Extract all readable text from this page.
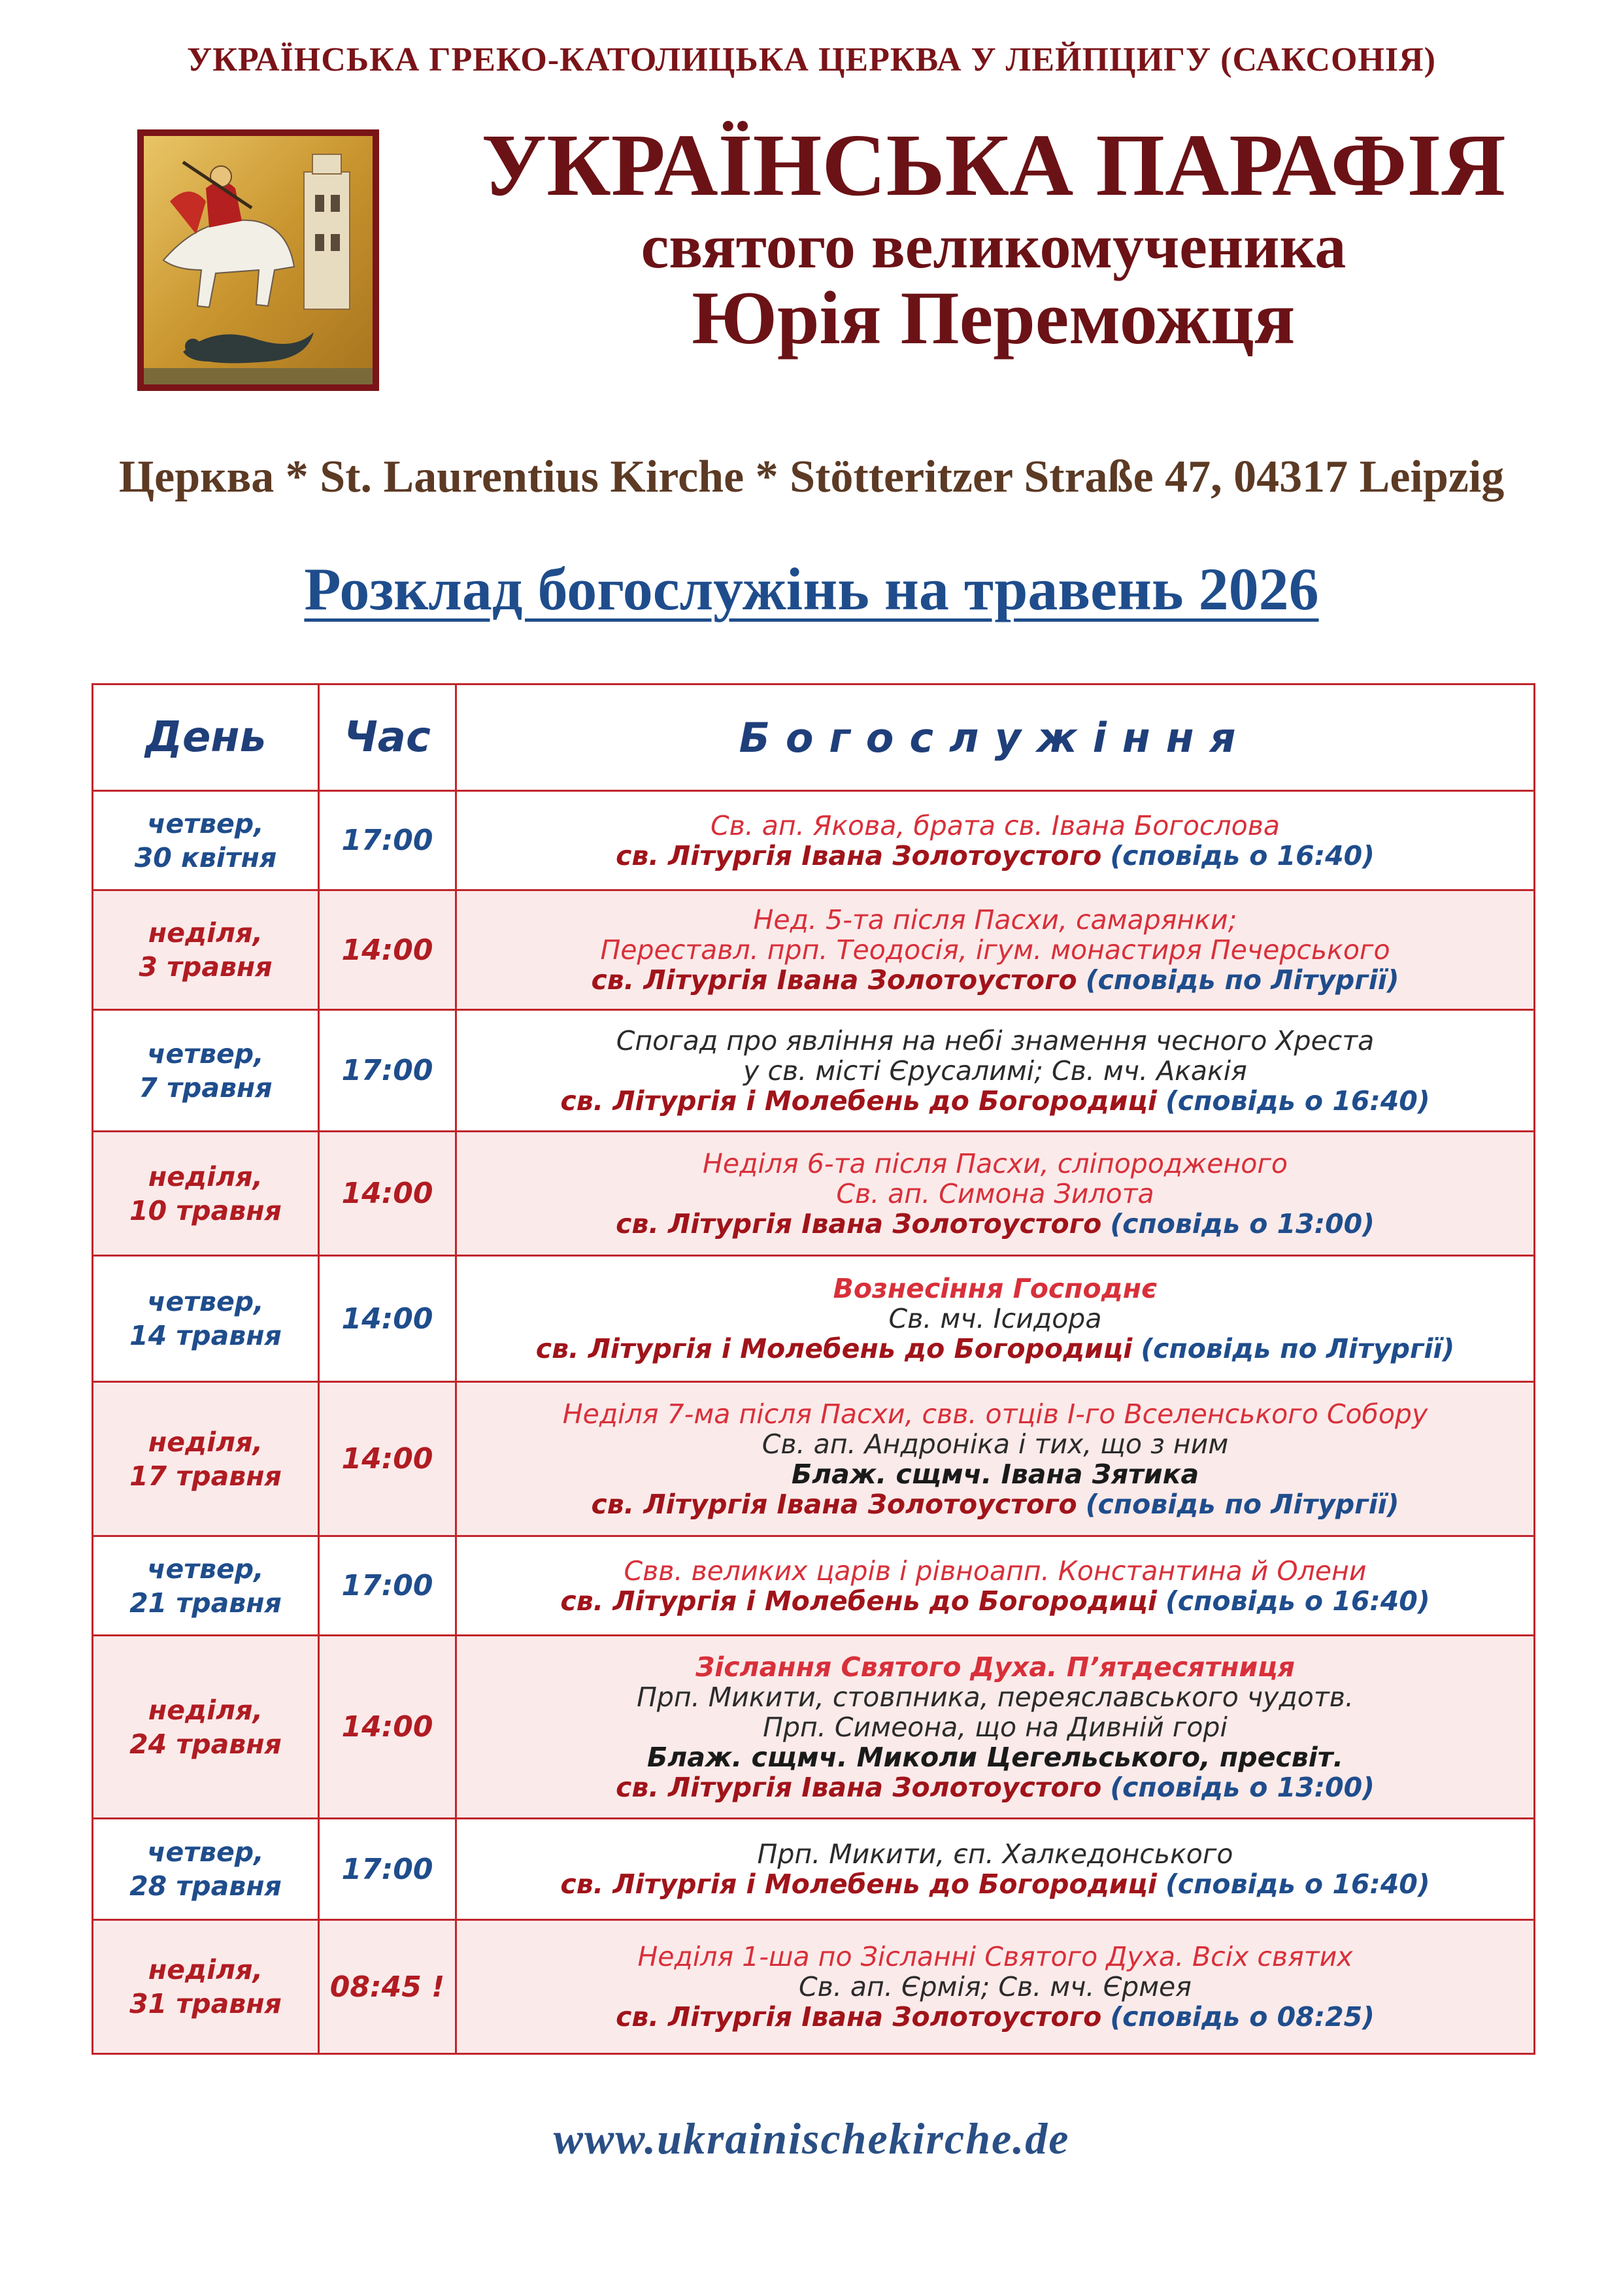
УКРАЇНСЬКА ГРЕКО-КАТОЛИЦЬКА ЦЕРКВА У ЛЕЙПЦИГУ (САКСОНІЯ)
УКРАЇНСЬКА ПАРАФІЯ
святого великомученика
Юрія Переможця
Церква * St. Laurentius Kirche * Stötteritzer Straße 47, 04317 Leipzig
Розклад богослужінь на травень 2026
День	Час	Богослужіння

четвер,
30 квітня	17:00	Св. ап. Якова, брата св. Івана Богослова
св. Літургія Івана Золотоустого (сповідь о 16:40)

неділя,
3 травня	14:00	Нед. 5-та після Пасхи, самарянки;
Переставл. прп. Теодосія, ігум. монастиря Печерського
св. Літургія Івана Золотоустого (сповідь по Літургії)

четвер,
7 травня	17:00	Спогад про явління на небі знамення чесного Хреста
у св. місті Єрусалимі; Св. мч. Акакія
св. Літургія і Молебень до Богородиці (сповідь о 16:40)

неділя,
10 травня	14:00	Неділя 6-та після Пасхи, сліпородженого
Св. ап. Симона Зилота
св. Літургія Івана Золотоустого (сповідь о 13:00)

четвер,
14 травня	14:00	Вознесіння Господнє
Св. мч. Ісидора
св. Літургія і Молебень до Богородиці (сповідь по Літургії)

неділя,
17 травня	14:00	Неділя 7-ма після Пасхи, свв. отців І-го Вселенського Собору
Св. ап. Андроніка і тих, що з ним
Блаж. сщмч. Івана Зятика
св. Літургія Івана Золотоустого (сповідь по Літургії)

четвер,
21 травня	17:00	Свв. великих царів і рівноапп. Константина й Олени
св. Літургія і Молебень до Богородиці (сповідь о 16:40)

неділя,
24 травня	14:00	Зіслання Святого Духа. П’ятдесятниця
Прп. Микити, стовпника, переяславського чудотв.
Прп. Симеона, що на Дивній горі
Блаж. сщмч. Миколи Цегельського, пресвіт.
св. Літургія Івана Золотоустого (сповідь о 13:00)

четвер,
28 травня	17:00	Прп. Микити, єп. Халкедонського
св. Літургія і Молебень до Богородиці (сповідь о 16:40)

неділя,
31 травня	08:45 !	Неділя 1-ша по Зісланні Святого Духа. Всіх святих
Св. ап. Єрмія; Св. мч. Єрмея
св. Літургія Івана Золотоустого (сповідь о 08:25)
www.ukrainischekirche.de
